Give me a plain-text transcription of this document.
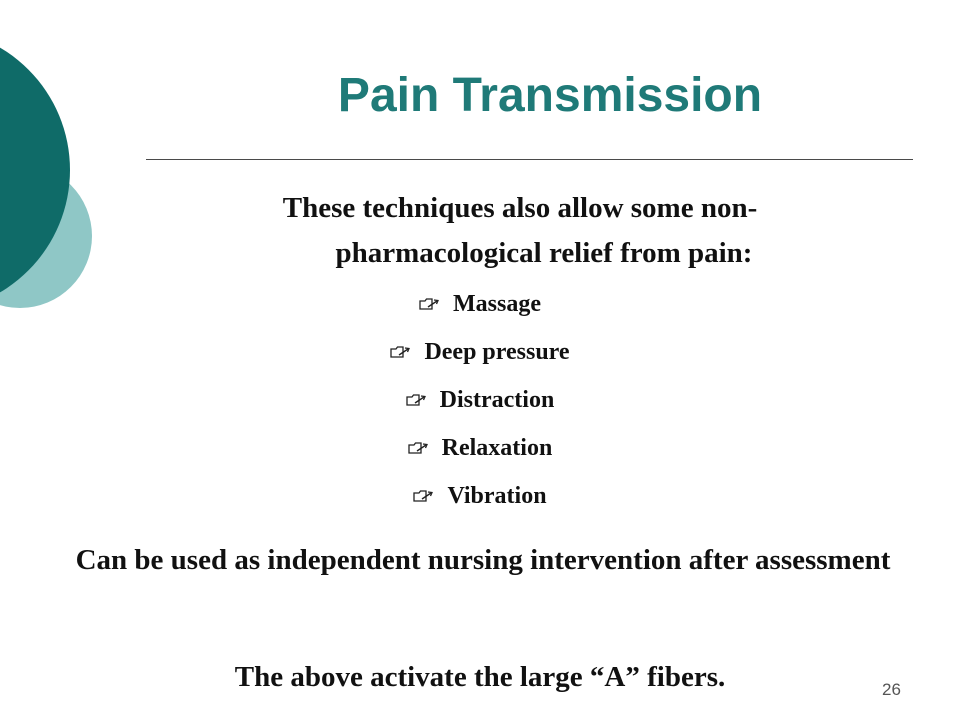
Pain Transmission

These techniques also allow some non-
pharmacological relief from pain:

Massage
Deep pressure
Distraction
Relaxation
Vibration

Can be used as independent nursing intervention after assessment

The above activate the large “A” fibers.	26
